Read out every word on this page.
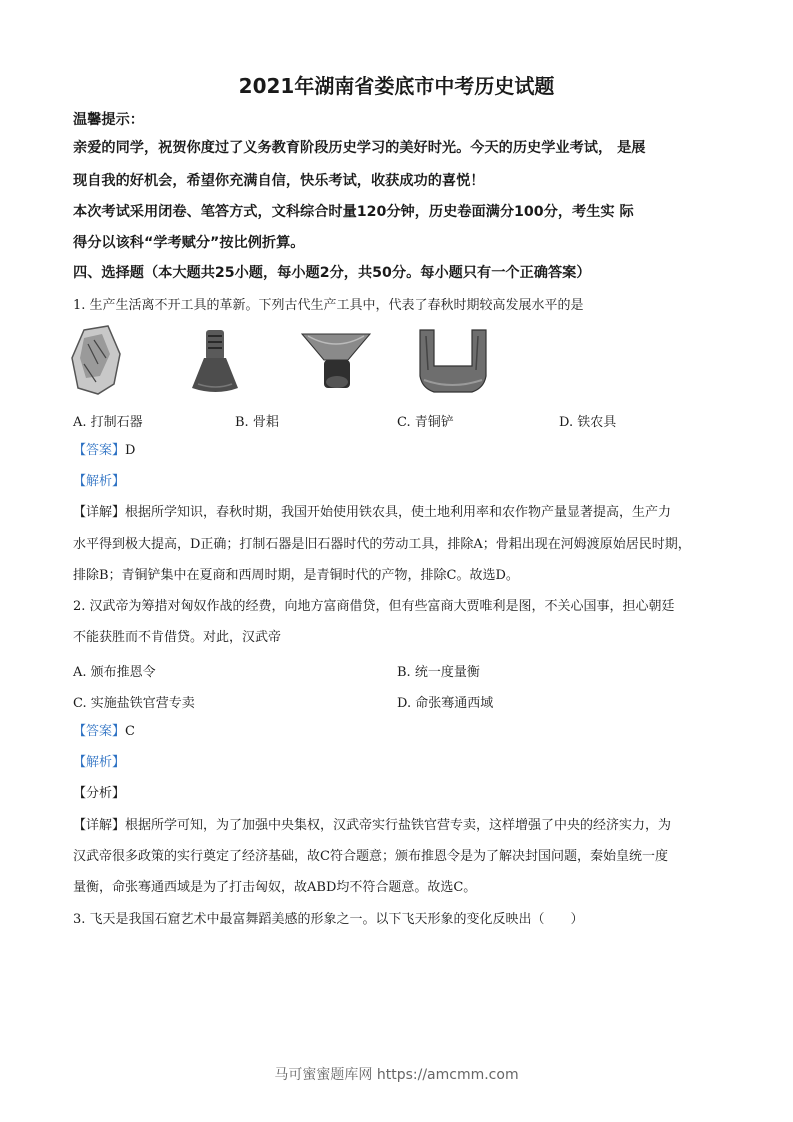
2021年湖南省娄底市中考历史试题
温馨提示：
亲爱的同学，祝贺你度过了义务教育阶段历史学习的美好时光。今天的历史学业考试， 是展
现自我的好机会，希望你充满自信，快乐考试，收获成功的喜悦！
本次考试采用闭卷、笔答方式，文科综合时量120分钟，历史卷面满分100分，考生实 际
得分以该科“学考赋分”按比例折算。
四、选择题（本大题共25小题，每小题2分，共50分。每小题只有一个正确答案）
1. 生产生活离不开工具的革新。下列古代生产工具中，代表了春秋时期较高发展水平的是
A. 打制石器	B. 骨耜	C. 青铜铲	D. 铁农具
【答案】D
【解析】
【详解】根据所学知识，春秋时期，我国开始使用铁农具，使土地利用率和农作物产量显著提高，生产力
水平得到极大提高，D正确；打制石器是旧石器时代的劳动工具，排除A；骨耜出现在河姆渡原始居民时期，
排除B；青铜铲集中在夏商和西周时期，是青铜时代的产物，排除C。故选D。
2. 汉武帝为筹措对匈奴作战的经费，向地方富商借贷，但有些富商大贾唯利是图，不关心国事，担心朝廷
不能获胜而不肯借贷。对此，汉武帝
A. 颁布推恩令	B. 统一度量衡
C. 实施盐铁官营专卖	D. 命张骞通西域
【答案】C
【解析】
【分析】
【详解】根据所学可知，为了加强中央集权，汉武帝实行盐铁官营专卖，这样增强了中央的经济实力，为
汉武帝很多政策的实行奠定了经济基础，故C符合题意；颁布推恩令是为了解决封国问题，秦始皇统一度
量衡，命张骞通西域是为了打击匈奴，故ABD均不符合题意。故选C。
3. 飞天是我国石窟艺术中最富舞蹈美感的形象之一。以下飞天形象的变化反映出（　　）
马可蜜蜜题库网 https://amcmm.com
